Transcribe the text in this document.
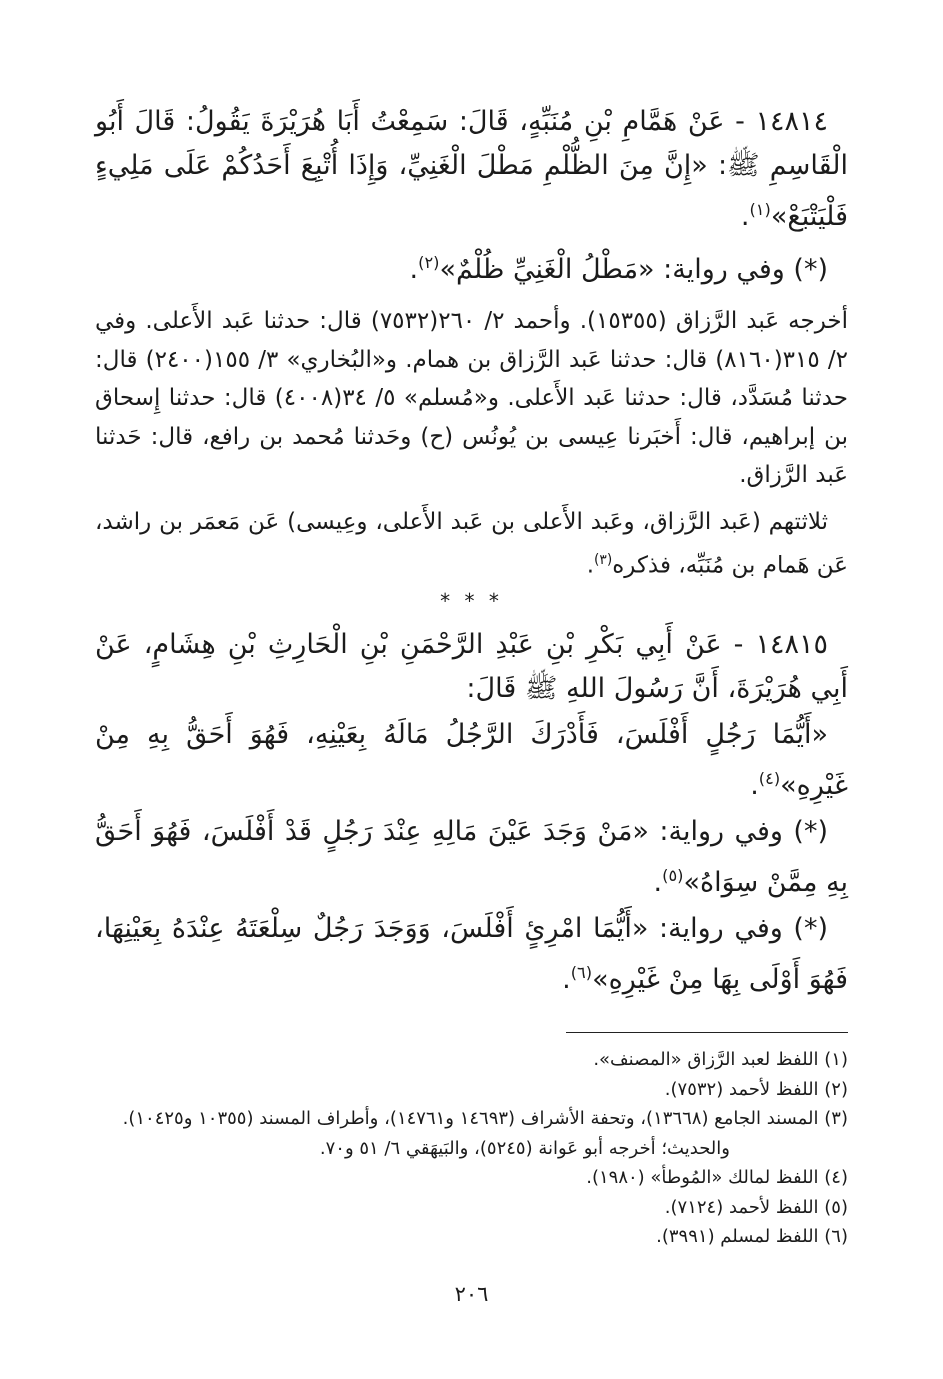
١٤٨١٤ - عَنْ هَمَّامِ بْنِ مُنَبِّهٍ، قَالَ: سَمِعْتُ أَبَا هُرَيْرَةَ يَقُولُ: قَالَ أَبُو الْقَاسِمِ ﷺ: «إِنَّ مِنَ الظُّلْمِ مَطْلَ الْغَنِيِّ، وَإِذَا أُتْبِعَ أَحَدُكُمْ عَلَى مَلِيءٍ فَلْيَتْبَعْ»$^{(١)}$.

(*) وفي رواية: «مَطْلُ الْغَنِيِّ ظُلْمٌ»$^{(٢)}$.

أخرجه عَبد الرَّزاق (١٥٣٥٥). وأحمد ٢/ ٢٦٠(٧٥٣٢) قال: حدثنا عَبد الأَعلى. وفي ٢/ ٣١٥(٨١٦٠) قال: حدثنا عَبد الرَّزاق بن همام. و«البُخاري» ٣/ ١٥٥(٢٤٠٠) قال: حدثنا مُسَدَّد، قال: حدثنا عَبد الأَعلى. و«مُسلم» ٥/ ٣٤(٤٠٠٨) قال: حدثنا إِسحاق بن إبراهيم، قال: أَخبَرنا عِيسى بن يُونُس (ح) وحَدثنا مُحمد بن رافع، قال: حَدثنا عَبد الرَّزاق.

ثلاثتهم (عَبد الرَّزاق، وعَبد الأَعلى بن عَبد الأَعلى، وعِيسى) عَن مَعمَر بن راشد، عَن هَمام بن مُنَبِّه، فذكره$^{(٣)}$.

* * *

١٤٨١٥ - عَنْ أَبِي بَكْرِ بْنِ عَبْدِ الرَّحْمَنِ بْنِ الْحَارِثِ بْنِ هِشَامٍ، عَنْ أَبِي هُرَيْرَةَ، أَنَّ رَسُولَ اللهِ ﷺ قَالَ:

«أَيُّمَا رَجُلٍ أَفْلَسَ، فَأَدْرَكَ الرَّجُلُ مَالَهُ بِعَيْنِهِ، فَهُوَ أَحَقُّ بِهِ مِنْ غَيْرِهِ»$^{(٤)}$.

(*) وفي رواية: «مَنْ وَجَدَ عَيْنَ مَالِهِ عِنْدَ رَجُلٍ قَدْ أَفْلَسَ، فَهُوَ أَحَقُّ بِهِ مِمَّنْ سِوَاهُ»$^{(٥)}$.

(*) وفي رواية: «أَيُّمَا امْرِئٍ أَفْلَسَ، وَوَجَدَ رَجُلٌ سِلْعَتَهُ عِنْدَهُ بِعَيْنِهَا، فَهُوَ أَوْلَى بِهَا مِنْ غَيْرِهِ»$^{(٦)}$.

(١) اللفظ لعبد الرَّزاق «المصنف».

(٢) اللفظ لأحمد (٧٥٣٢).

(٣) المسند الجامع (١٣٦٦٨)، وتحفة الأشراف (١٤٦٩٣ و١٤٧٦١)، وأطراف المسند (١٠٣٥٥ و١٠٤٢٥).

والحديث؛ أخرجه أبو عَوانة (٥٢٤٥)، والبَيهَقي ٦/ ٥١ و٧٠.

(٤) اللفظ لمالك «المُوطأ» (١٩٨٠).

(٥) اللفظ لأحمد (٧١٢٤).

(٦) اللفظ لمسلم (٣٩٩١).

٢٠٦
